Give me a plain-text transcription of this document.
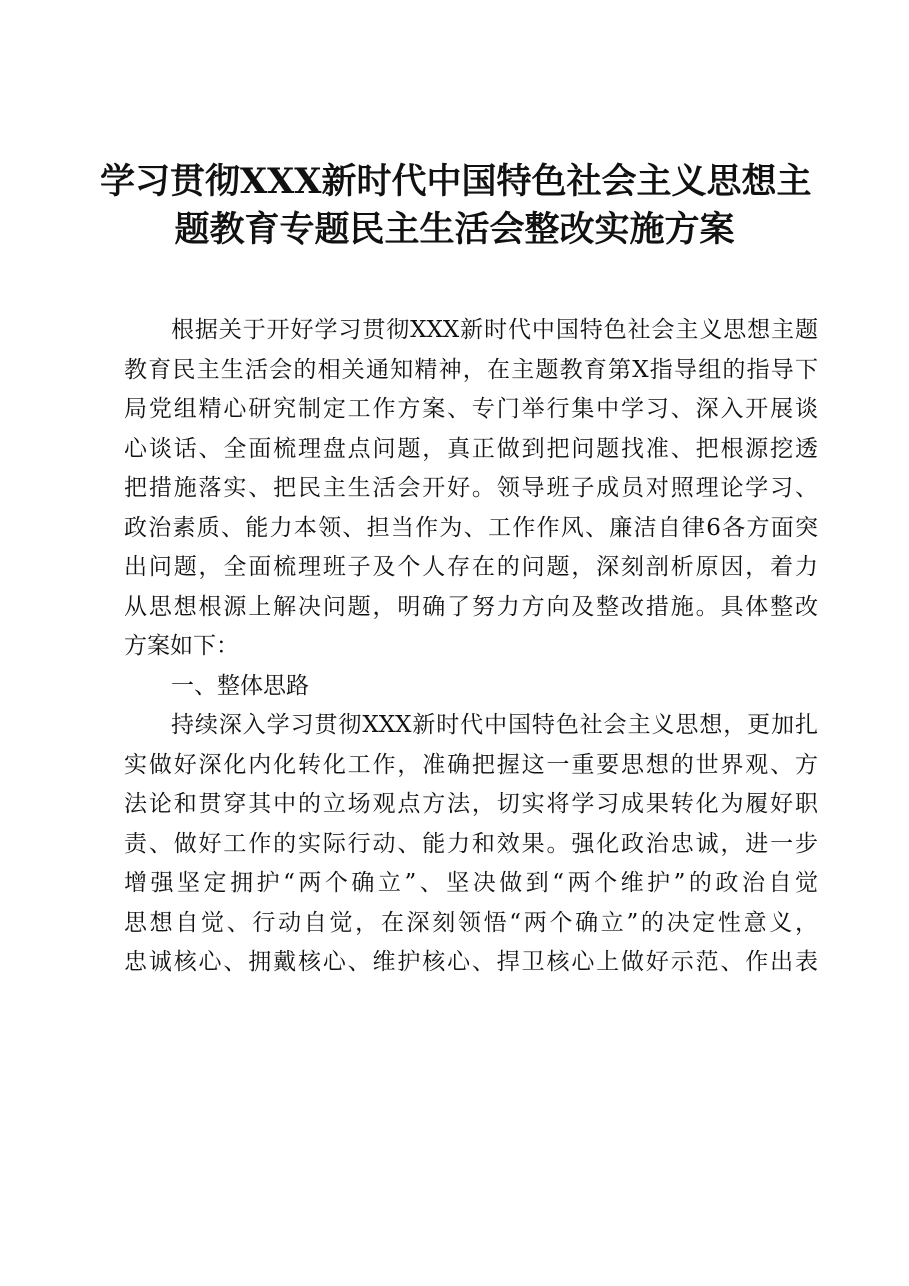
学习贯彻XXX新时代中国特色社会主义思想主
题教育专题民主生活会整改实施方案

根据关于开好学习贯彻XXX新时代中国特色社会主义思想主题
教育民主生活会的相关通知精神，在主题教育第X指导组的指导下
局党组精心研究制定工作方案、专门举行集中学习、深入开展谈
心谈话、全面梳理盘点问题，真正做到把问题找准、把根源挖透
把措施落实、把民主生活会开好。领导班子成员对照理论学习、
政治素质、能力本领、担当作为、工作作风、廉洁自律6各方面突
出问题，全面梳理班子及个人存在的问题，深刻剖析原因，着力
从思想根源上解决问题，明确了努力方向及整改措施。具体整改
方案如下：

一、整体思路

持续深入学习贯彻XXX新时代中国特色社会主义思想，更加扎
实做好深化内化转化工作，准确把握这一重要思想的世界观、方
法论和贯穿其中的立场观点方法，切实将学习成果转化为履好职
责、做好工作的实际行动、能力和效果。强化政治忠诚，进一步
增强坚定拥护“两个确立”、坚决做到“两个维护”的政治自觉
思想自觉、行动自觉，在深刻领悟“两个确立”的决定性意义，
忠诚核心、拥戴核心、维护核心、捍卫核心上做好示范、作出表
